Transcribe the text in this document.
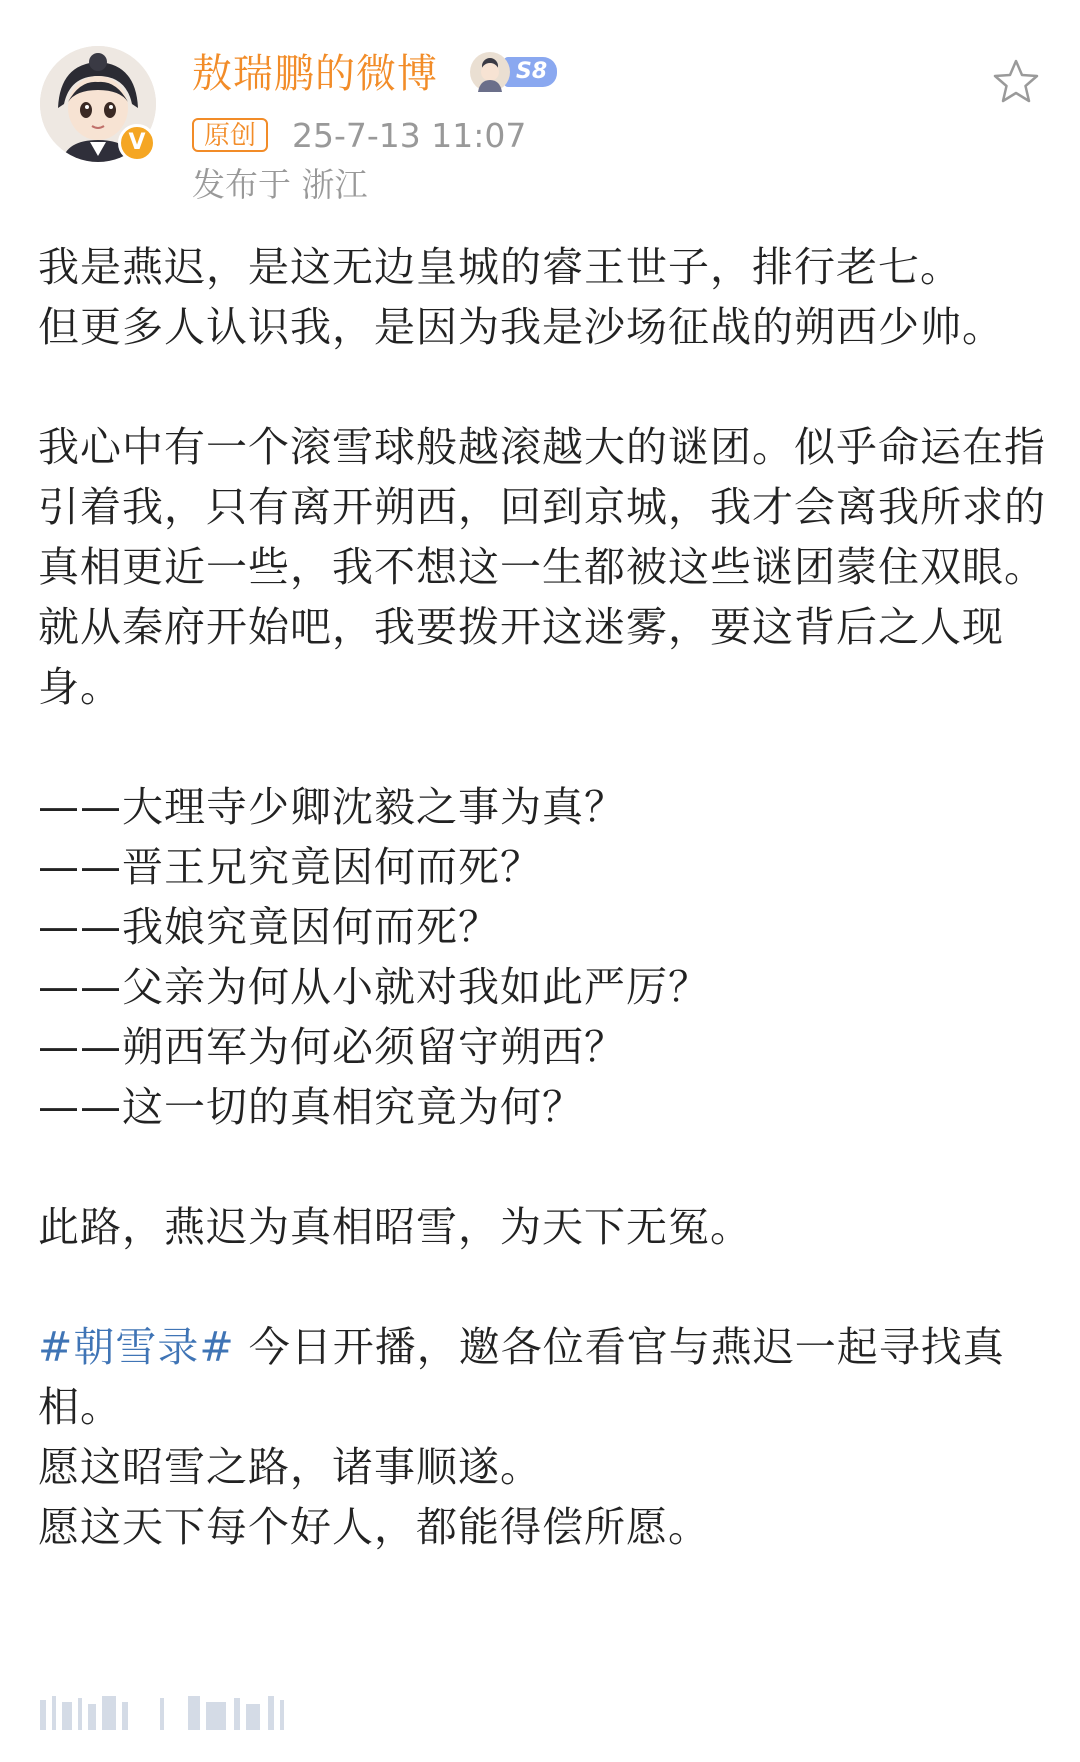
V
敖瑞鹏的微博	S8
原创	25-7-13 11:07
发布于 浙江

我是燕迟，是这无边皇城的睿王世子，排行老七。

但更多人认识我，是因为我是沙场征战的朔西少帅。

我心中有一个滚雪球般越滚越大的谜团。似乎命运在指引着我，只有离开朔西，回到京城，我才会离我所求的真相更近一些，我不想这一生都被这些谜团蒙住双眼。

就从秦府开始吧，我要拨开这迷雾，要这背后之人现身。

——大理寺少卿沈毅之事为真？

——晋王兄究竟因何而死？

——我娘究竟因何而死？

——父亲为何从小就对我如此严厉？

——朔西军为何必须留守朔西？

——这一切的真相究竟为何？

此路，燕迟为真相昭雪，为天下无冤。

#朝雪录# 今日开播，邀各位看官与燕迟一起寻找真相。

愿这昭雪之路，诸事顺遂。

愿这天下每个好人，都能得偿所愿。
